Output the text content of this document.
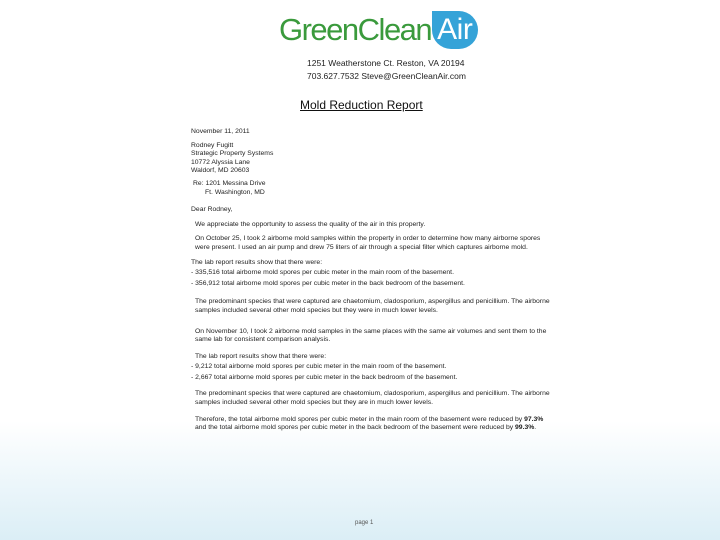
Green Clean Air
1251 Weatherstone Ct. Reston, VA 20194
703.627.7532 Steve@GreenCleanAir.com
Mold Reduction Report
November 11, 2011
Rodney Fugitt
Strategic Property Systems
10772 Alyssia Lane
Waldorf, MD 20603
Re: 1201 Messina Drive
Ft. Washington, MD
Dear Rodney,
We appreciate the opportunity to assess the quality of the air in this property.
On October 25, I took 2 airborne mold samples within the property in order to determine how many airborne spores were present. I used an air pump and drew 75 liters of air through a special filter which captures airborne mold.
The lab report results show that there were:
- 335,516 total airborne mold spores per cubic meter in the main room of the basement.
- 356,912 total airborne mold spores per cubic meter in the back bedroom of the basement.
The predominant species that were captured are chaetomium, cladosporium, aspergillus and penicillium. The airborne samples included several other mold species but they were in much lower levels.
On November 10, I took 2 airborne mold samples in the same places with the same air volumes and sent them to the same lab for consistent comparison analysis.
The lab report results show that there were:
- 9,212 total airborne mold spores per cubic meter in the main room of the basement.
- 2,667 total airborne mold spores per cubic meter in the back bedroom of the basement.
The predominant species that were captured are chaetomium, cladosporium, aspergillus and penicillium. The airborne samples included several other mold species but they are in much lower levels.
Therefore, the total airborne mold spores per cubic meter in the main room of the basement were reduced by 97.3% and the total airborne mold spores per cubic meter in the back bedroom of the basement were reduced by 99.3%.
page 1
